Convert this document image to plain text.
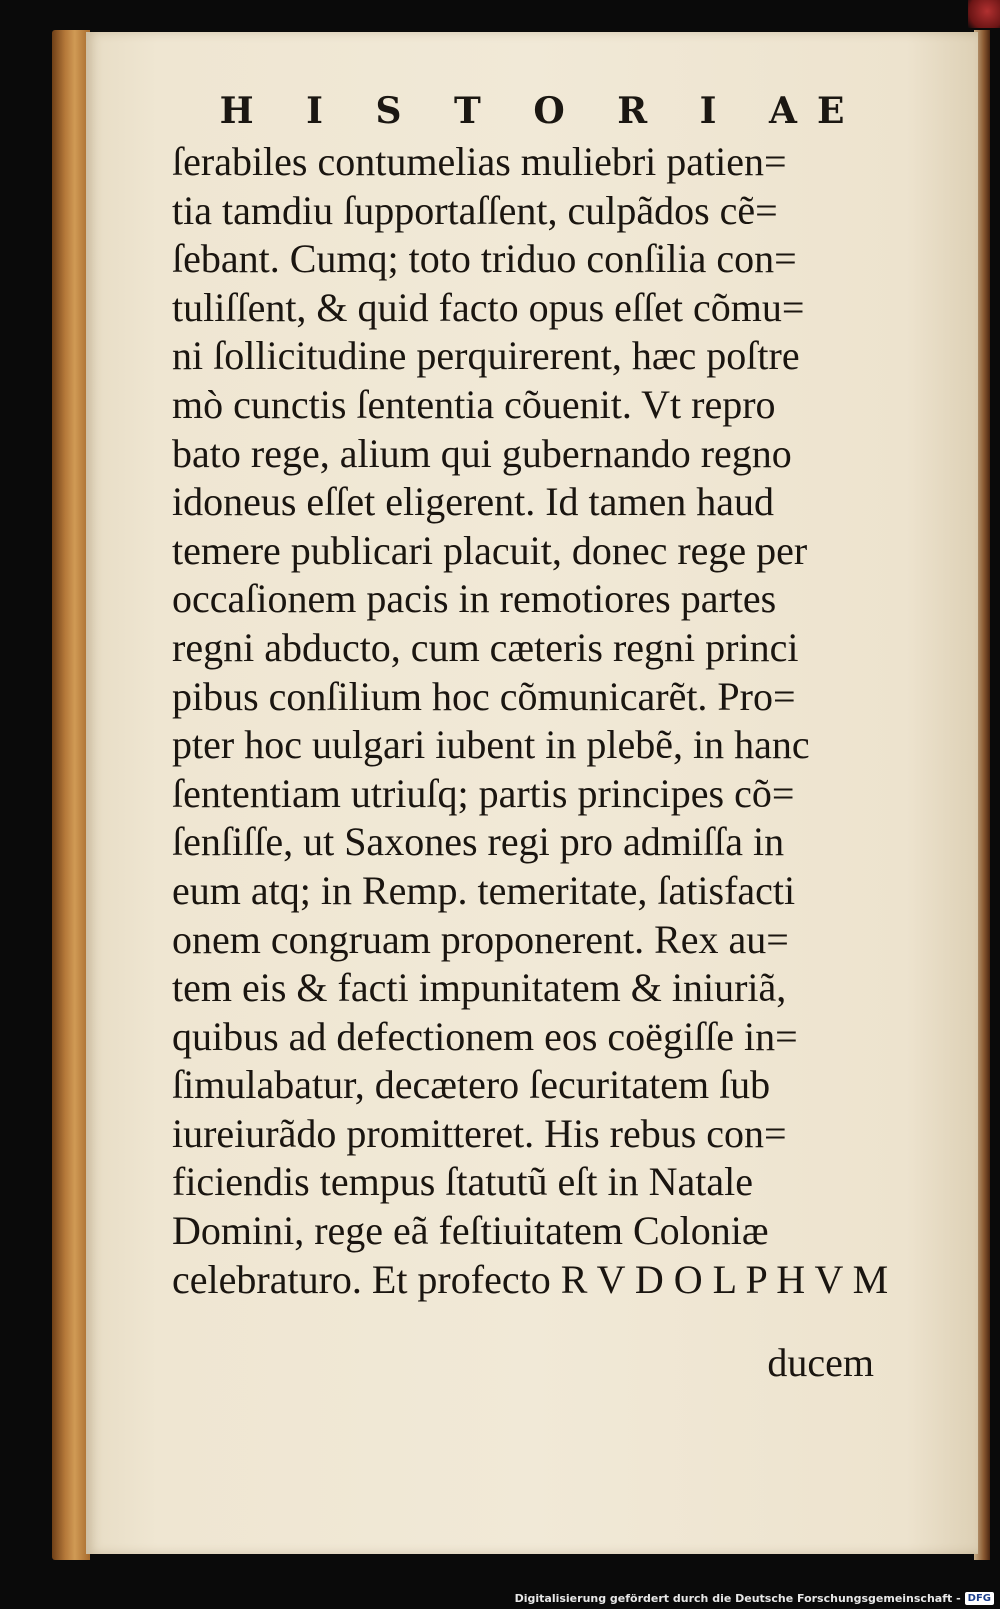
H I S T O R I AE
ſerabiles contumelias muliebri patien=
tia tamdiu ſupportaſſent, culpãdos cẽ=
ſebant. Cumq; toto triduo conſilia con=
tuliſſent, & quid facto opus eſſet cõmu=
ni ſollicitudine perquirerent, hæc poſtre
mò cunctis ſententia cõuenit. Vt repro
bato rege, alium qui gubernando regno
idoneus eſſet eligerent. Id tamen haud
temere publicari placuit, donec rege per
occaſionem pacis in remotiores partes
regni abducto, cum cæteris regni princi
pibus conſilium hoc cõmunicarẽt. Pro=
pter hoc uulgari iubent in plebẽ, in hanc
ſententiam utriuſq; partis principes cõ=
ſenſiſſe, ut Saxones regi pro admiſſa in
eum atq; in Remp. temeritate, ſatisfacti
onem congruam proponerent. Rex au=
tem eis & facti impunitatem & iniuriã,
quibus ad defectionem eos coëgiſſe in=
ſimulabatur, decætero ſecuritatem ſub
iureiurãdo promitteret. His rebus con=
ficiendis tempus ſtatutũ eſt in Natale
Domini, rege eã feſtiuitatem Coloniæ
celebraturo. Et profecto R V D O L P H V M

ducem

Digitalisierung gefördert durch die Deutsche Forschungsgemeinschaft - DFG
